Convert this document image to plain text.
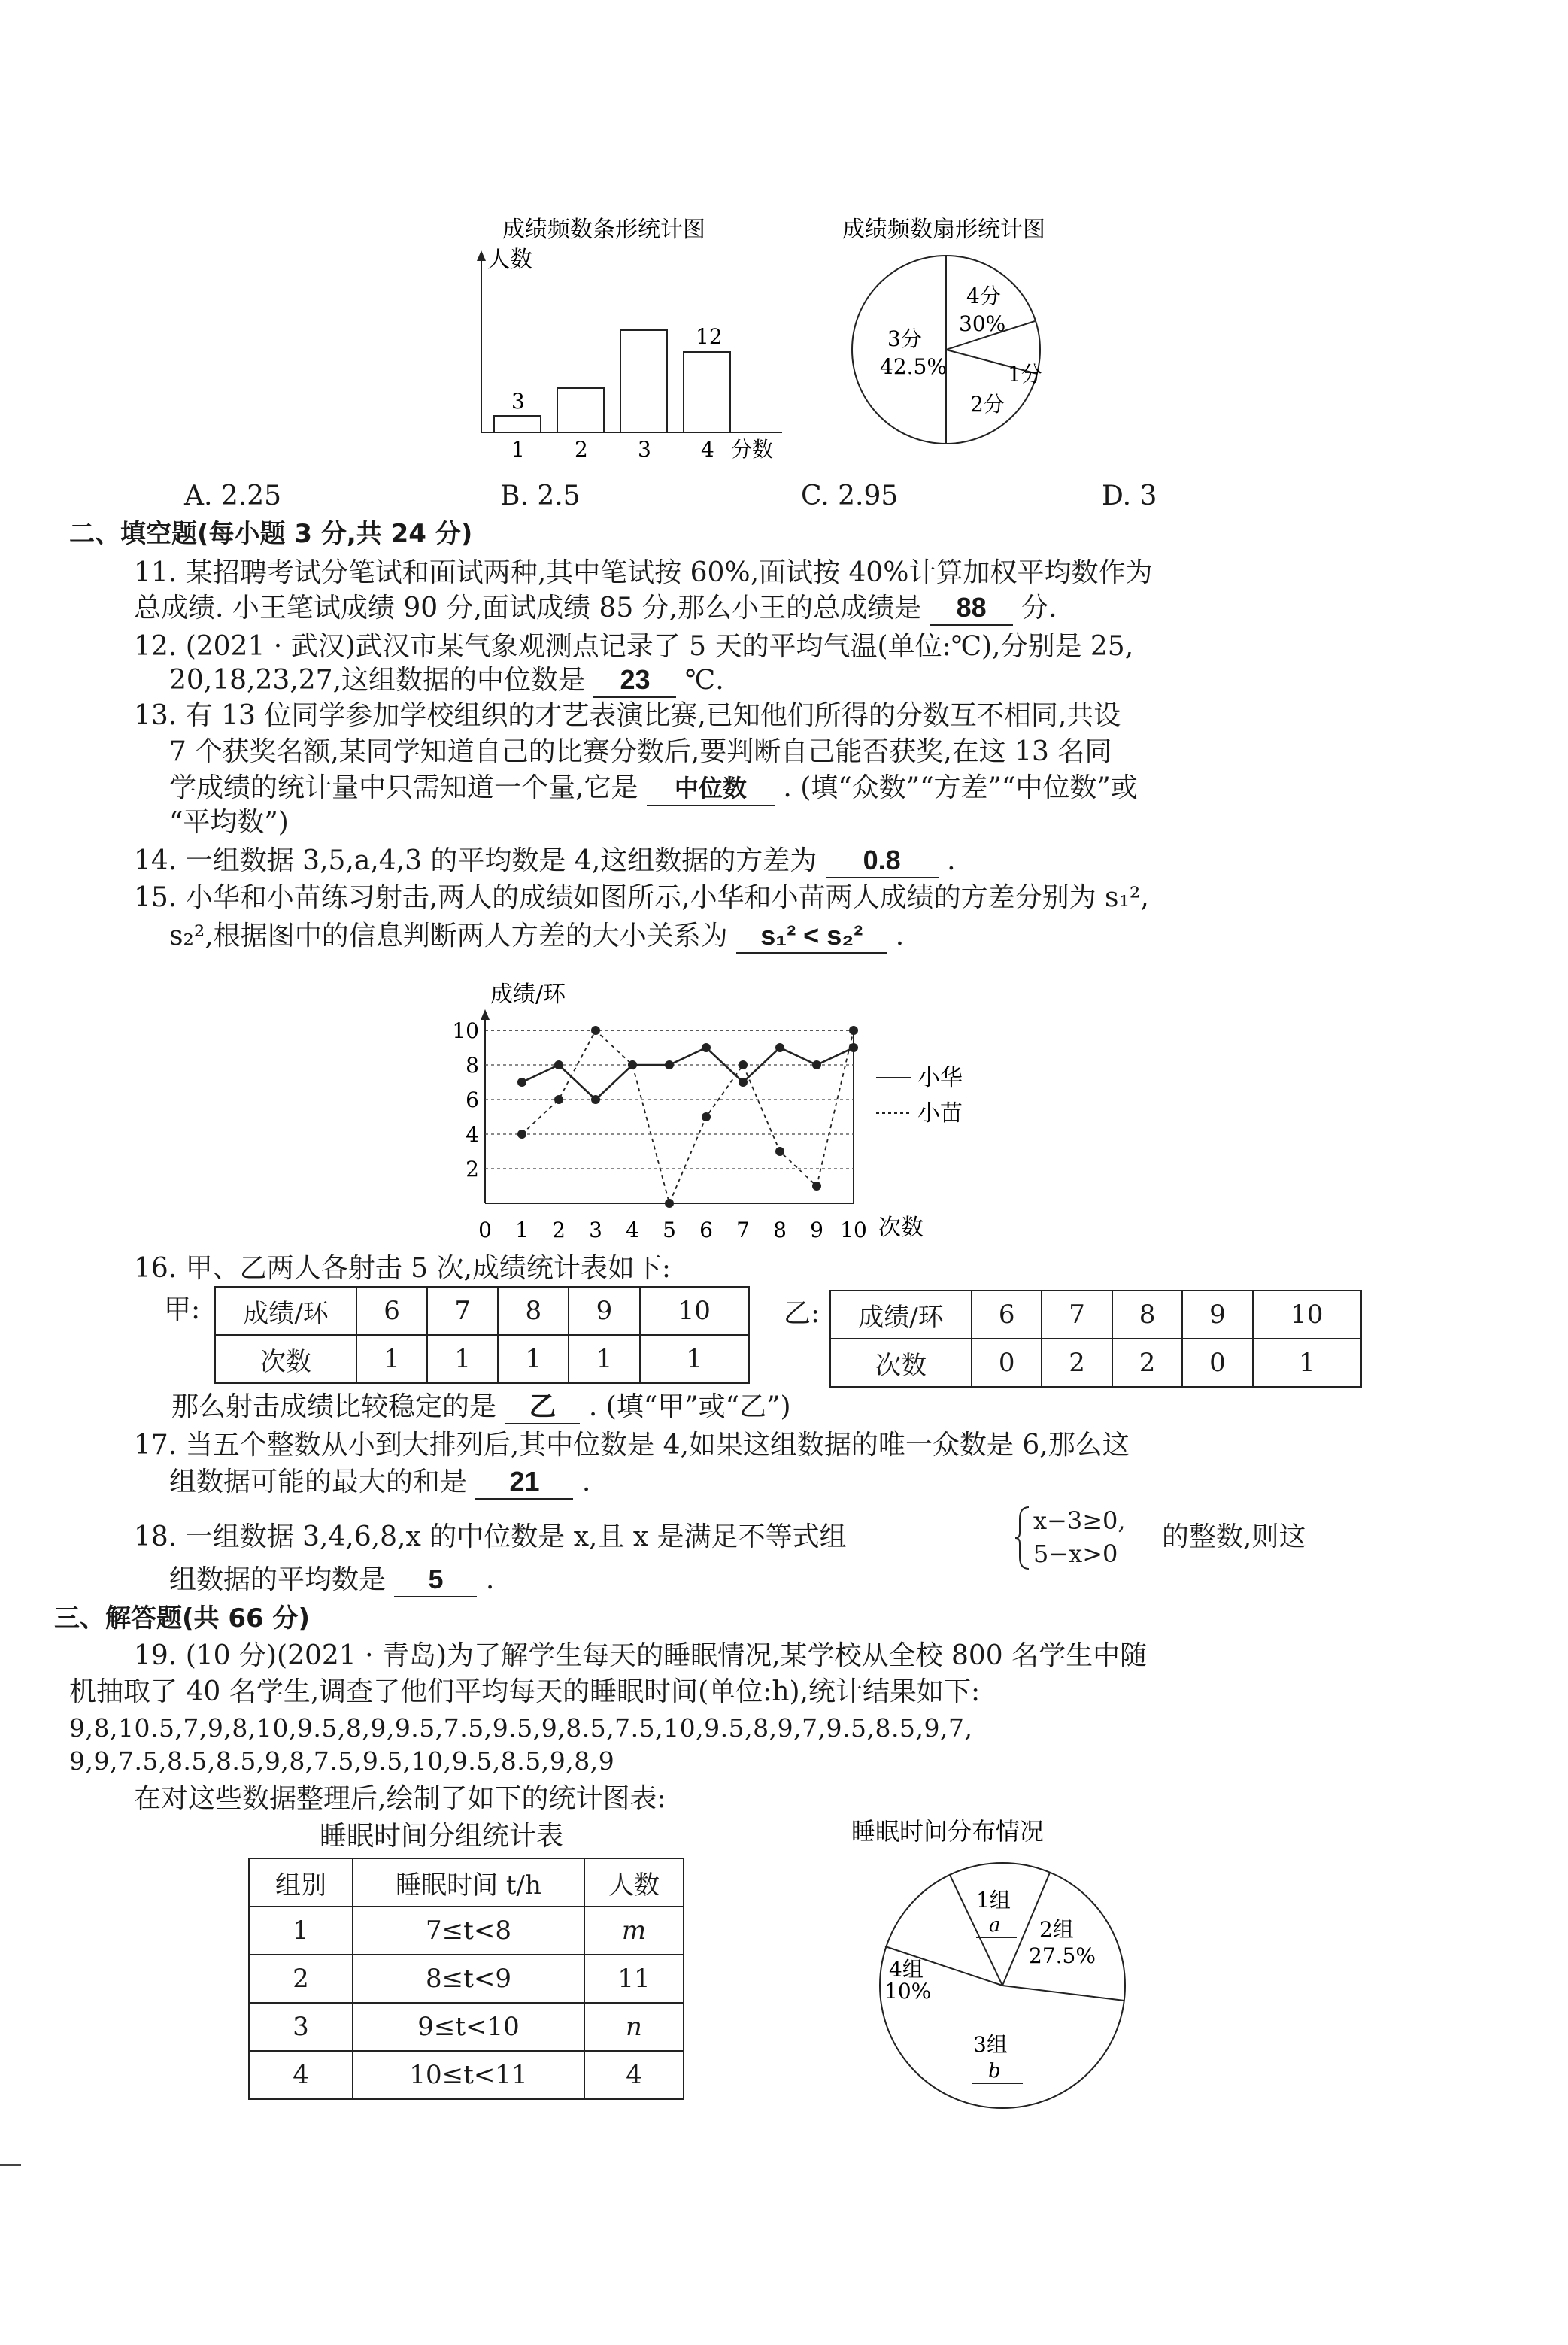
成绩频数条形统计图
人数
3
12
1 2 3 4 分数
成绩频数扇形统计图
4分
30%
3分
42.5%	1分
2分
A. 2.25	B. 2.5	C. 2.95	D. 3
二、填空题(每小题 3 分,共 24 分)
11. 某招聘考试分笔试和面试两种,其中笔试按 60%,面试按 40%计算加权平均数作为
总成绩. 小王笔试成绩 90 分,面试成绩 85 分,那么小王的总成绩是 88 分.
12. (2021 · 武汉)武汉市某气象观测点记录了 5 天的平均气温(单位:℃),分别是 25,
20,18,23,27,这组数据的中位数是 23 ℃.
13. 有 13 位同学参加学校组织的才艺表演比赛,已知他们所得的分数互不相同,共设
7 个获奖名额,某同学知道自己的比赛分数后,要判断自己能否获奖,在这 13 名同
学成绩的统计量中只需知道一个量,它是 中位数 . (填“众数”“方差”“中位数”或
“平均数”)
14. 一组数据 3,5,a,4,3 的平均数是 4,这组数据的方差为 0.8 .
15. 小华和小苗练习射击,两人的成绩如图所示,小华和小苗两人成绩的方差分别为 s₁²,
s₂²,根据图中的信息判断两人方差的大小关系为 s₁² < s₂² .
成绩/环
次数
2
4
6
8
10
0 1 2 3 4 5 6 7 8 9 10
小华
小苗
16. 甲、乙两人各射击 5 次,成绩统计表如下:
甲: 成绩/环	6	7	8	9	10
次数	1	1	1	1	1
乙: 成绩/环	6	7	8	9	10
次数	0	2	2	0	1
那么射击成绩比较稳定的是 乙 . (填“甲”或“乙”)
17. 当五个整数从小到大排列后,其中位数是 4,如果这组数据的唯一众数是 6,那么这
组数据可能的最大的和是 21 .
18. 一组数据 3,4,6,8,x 的中位数是 x,且 x 是满足不等式组
x−3≥0,
5−x>0
的整数,则这
组数据的平均数是 5 .
三、解答题(共 66 分)
19. (10 分)(2021 · 青岛)为了解学生每天的睡眠情况,某学校从全校 800 名学生中随
机抽取了 40 名学生,调查了他们平均每天的睡眠时间(单位:h),统计结果如下:
9,8,10.5,7,9,8,10,9.5,8,9,9.5,7.5,9.5,9,8.5,7.5,10,9.5,8,9,7,9.5,8.5,9,7,
9,9,7.5,8.5,8.5,9,8,7.5,9.5,10,9.5,8.5,9,8,9
在对这些数据整理后,绘制了如下的统计图表:
睡眠时间分组统计表
组别	睡眠时间 t/h	人数
1	7≤t<8	m
2	8≤t<9	11
3	9≤t<10	n
4	10≤t<11	4
睡眠时间分布情况
1组
a 2组
27.5%
3组
b
4组
10%
